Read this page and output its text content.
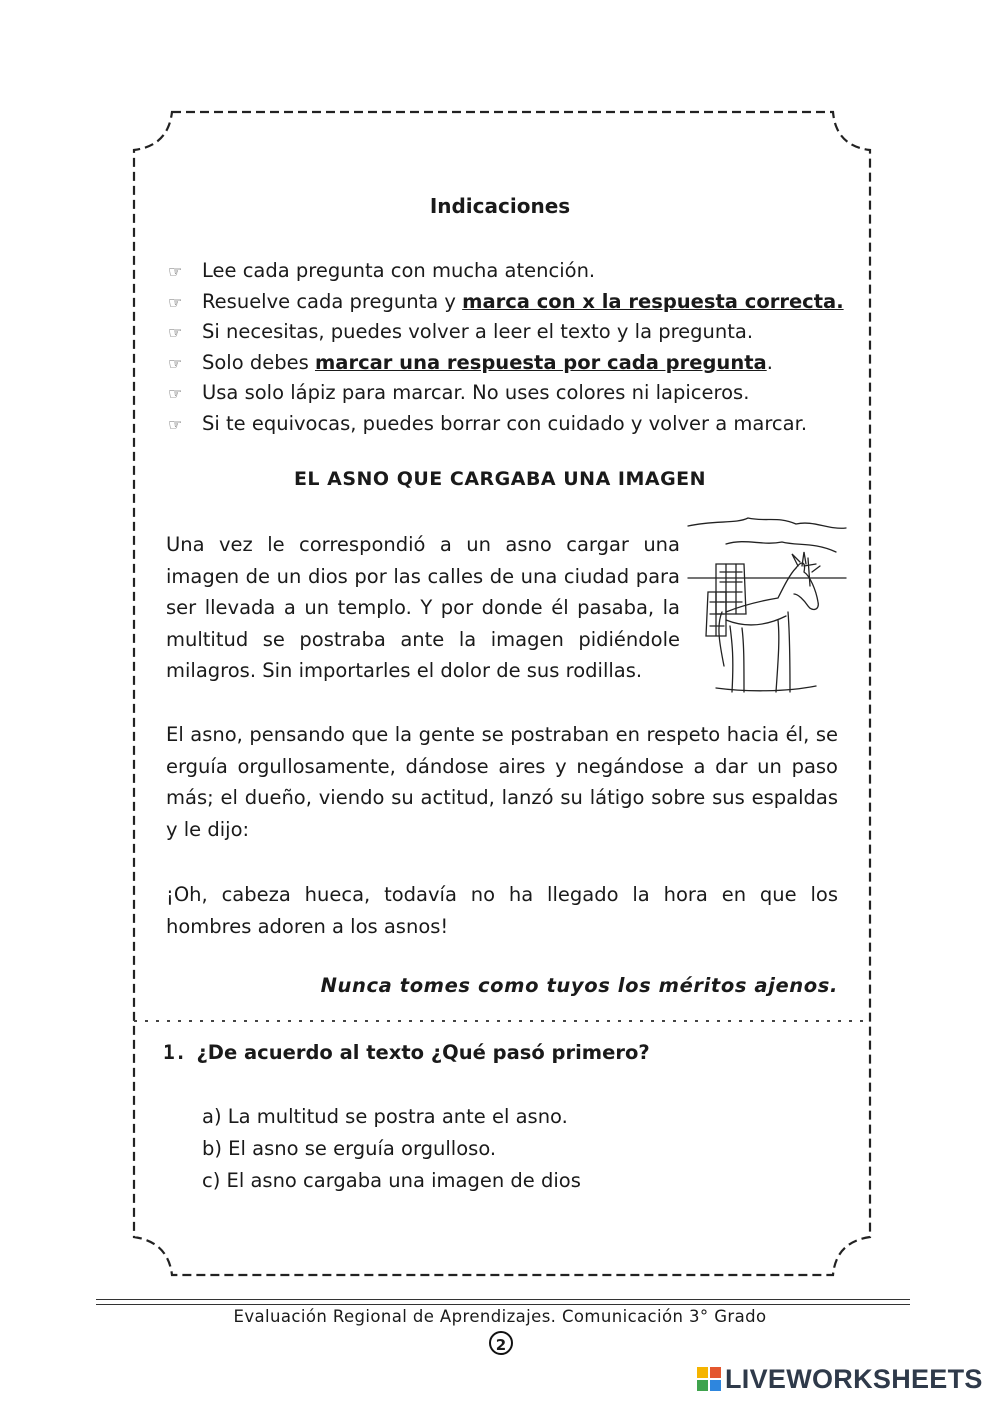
Indicaciones
☞ Lee cada pregunta con mucha atención.
☞ Resuelve cada pregunta y marca con x la respuesta correcta.
☞ Si necesitas, puedes volver a leer el texto y la pregunta.
☞ Solo debes marcar una respuesta por cada pregunta.
☞ Usa solo lápiz para marcar. No uses colores ni lapiceros.
☞ Si te equivocas, puedes borrar con cuidado y volver a marcar.
EL ASNO QUE CARGABA UNA IMAGEN

Una vez le correspondió a un asno cargar una imagen de un dios por las calles de una ciudad para ser llevada a un templo. Y por donde él pasaba, la multitud se postraba ante la imagen pidiéndole milagros. Sin importarles el dolor de sus rodillas.

El asno, pensando que la gente se postraban en respeto hacia él, se erguía orgullosamente, dándose aires y negándose a dar un paso más; el dueño, viendo su actitud, lanzó su látigo sobre sus espaldas y le dijo:

¡Oh, cabeza hueca, todavía no ha llegado la hora en que los hombres adoren a los asnos!

Nunca tomes como tuyos los méritos ajenos.
1. ¿De acuerdo al texto ¿Qué pasó primero?
a) La multitud se postra ante el asno.
b) El asno se erguía orgulloso.
c) El asno cargaba una imagen de dios
Evaluación Regional de Aprendizajes. Comunicación 3° Grado
2
LIVEWORKSHEETS
